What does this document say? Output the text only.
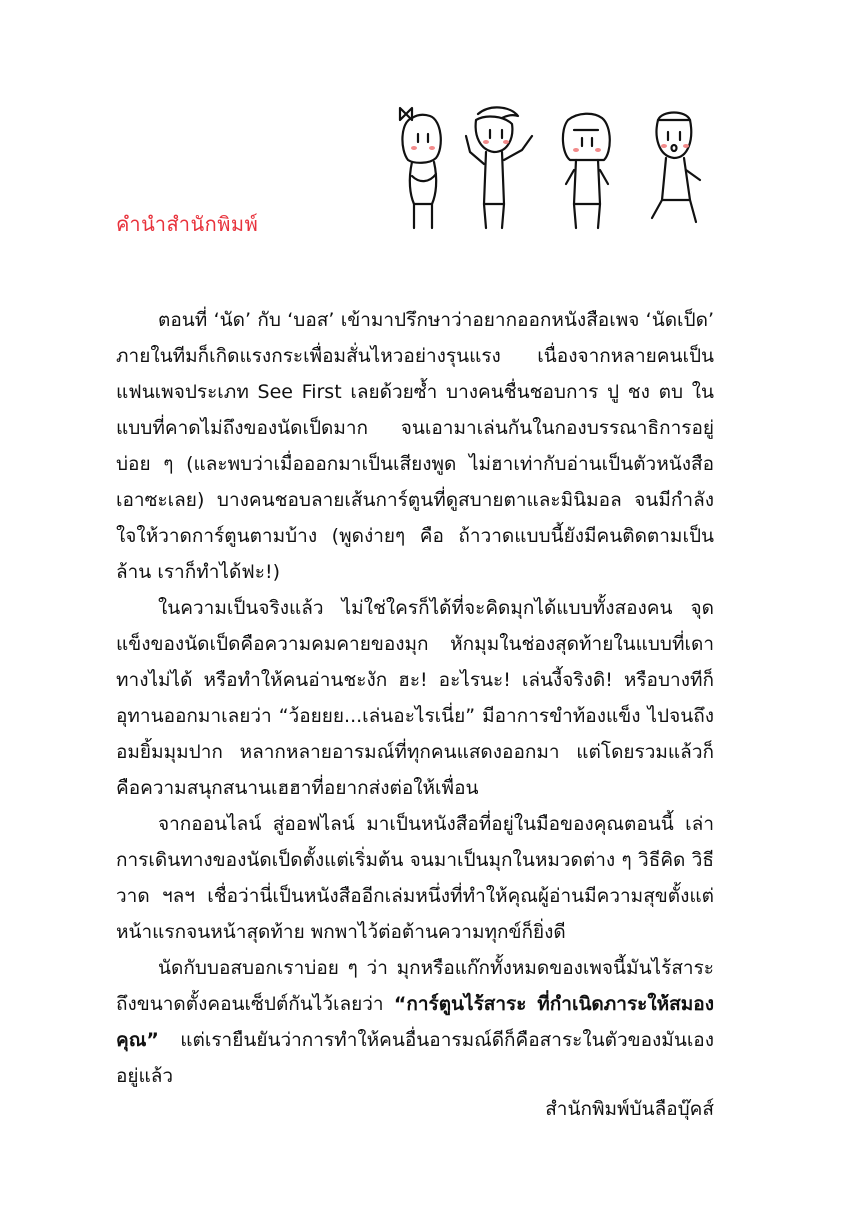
คำนำสำนักพิมพ์

ตอนที่ ‘นัด’ กับ ‘บอส’ เข้ามาปรึกษาว่าอยากออกหนังสือเพจ ‘นัดเป็ด’ ภายในทีมก็เกิดแรงกระเพื่อมสั่นไหวอย่างรุนแรง เนื่องจากหลายคนเป็นแฟนเพจประเภท See First เลยด้วยซ้ำ บางคนชื่นชอบการ ปู ชง ตบ ในแบบที่คาดไม่ถึงของนัดเป็ดมาก จนเอามาเล่นกันในกองบรรณาธิการอยู่บ่อย ๆ (และพบว่าเมื่อออกมาเป็นเสียงพูด ไม่ฮาเท่ากับอ่านเป็นตัวหนังสือเอาซะเลย) บางคนชอบลายเส้นการ์ตูนที่ดูสบายตาและมินิมอล จนมีกำลังใจให้วาดการ์ตูนตามบ้าง (พูดง่ายๆ คือ ถ้าวาดแบบนี้ยังมีคนติดตามเป็นล้าน เราก็ทำได้ฟะ!)

ในความเป็นจริงแล้ว ไม่ใช่ใครก็ได้ที่จะคิดมุกได้แบบทั้งสองคน จุดแข็งของนัดเป็ดคือความคมคายของมุก หักมุมในช่องสุดท้ายในแบบที่เดาทางไม่ได้ หรือทำให้คนอ่านชะงัก ฮะ! อะไรนะ! เล่นงี้จริงดิ! หรือบางทีก็อุทานออกมาเลยว่า “ว้อยยย...เล่นอะไรเนี่ย” มีอาการขำท้องแข็ง ไปจนถึงอมยิ้มมุมปาก หลากหลายอารมณ์ที่ทุกคนแสดงออกมา แต่โดยรวมแล้วก็คือความสนุกสนานเฮฮาที่อยากส่งต่อให้เพื่อน

จากออนไลน์ สู่ออฟไลน์ มาเป็นหนังสือที่อยู่ในมือของคุณตอนนี้ เล่าการเดินทางของนัดเป็ดตั้งแต่เริ่มต้น จนมาเป็นมุกในหมวดต่าง ๆ วิธีคิด วิธีวาด ฯลฯ เชื่อว่านี่เป็นหนังสืออีกเล่มหนึ่งที่ทำให้คุณผู้อ่านมีความสุขตั้งแต่หน้าแรกจนหน้าสุดท้าย พกพาไว้ต่อต้านความทุกข์ก็ยิ่งดี

นัดกับบอสบอกเราบ่อย ๆ ว่า มุกหรือแก๊กทั้งหมดของเพจนี้มันไร้สาระ ถึงขนาดตั้งคอนเซ็ปต์กันไว้เลยว่า “การ์ตูนไร้สาระ ที่กำเนิดภาระให้สมองคุณ” แต่เรายืนยันว่าการทำให้คนอื่นอารมณ์ดีก็คือสาระในตัวของมันเองอยู่แล้ว

สำนักพิมพ์บันลือบุ๊คส์
